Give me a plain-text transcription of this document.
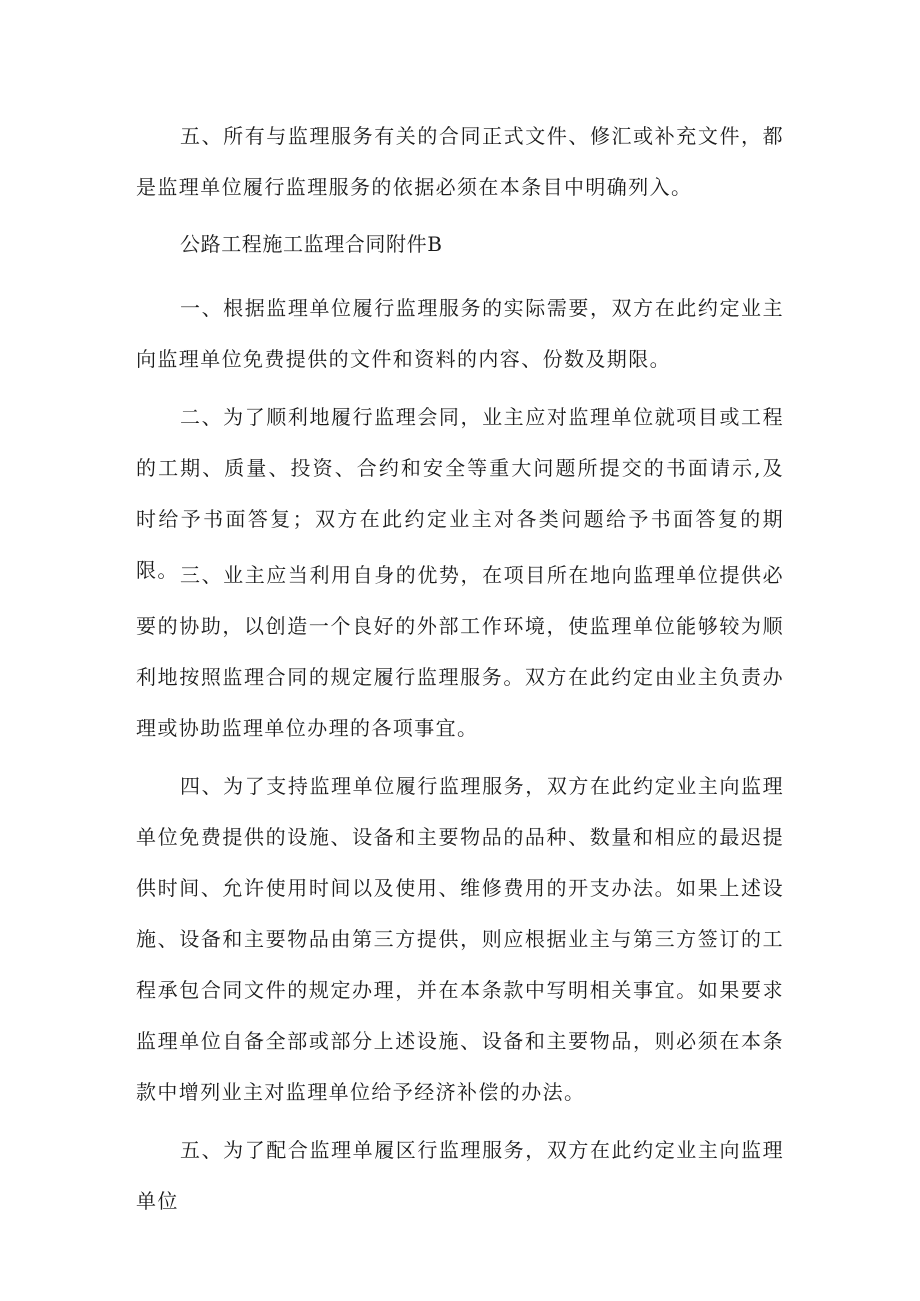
五、所有与监理服务有关的合同正式文件、修汇或补充文件，都是监理单位履行监理服务的依据必须在本条目中明确列入。

公路工程施工监理合同附件B

一、根据监理单位履行监理服务的实际需要，双方在此约定业主向监理单位免费提供的文件和资料的内容、份数及期限。

二、为了顺利地履行监理会同，业主应对监理单位就项目或工程的工期、质量、投资、合约和安全等重大问题所提交的书面请示,及时给予书面答复；双方在此约定业主对各类问题给予书面答复的期限。 三、业主应当利用自身的优势，在项目所在地向监理单位提供必要的协助，以创造一个良好的外部工作环境，使监理单位能够较为顺利地按照监理合同的规定履行监理服务。双方在此约定由业主负责办理或协助监理单位办理的各项事宜。

四、为了支持监理单位履行监理服务，双方在此约定业主向监理单位免费提供的设施、设备和主要物品的品种、数量和相应的最迟提供时间、允许使用时间以及使用、维修费用的开支办法。如果上述设施、设备和主要物品由第三方提供，则应根据业主与第三方签订的工程承包合同文件的规定办理，并在本条款中写明相关事宜。如果要求监理单位自备全部或部分上述设施、设备和主要物品，则必须在本条款中增列业主对监理单位给予经济补偿的办法。

五、为了配合监理单履区行监理服务，双方在此约定业主向监理单位
